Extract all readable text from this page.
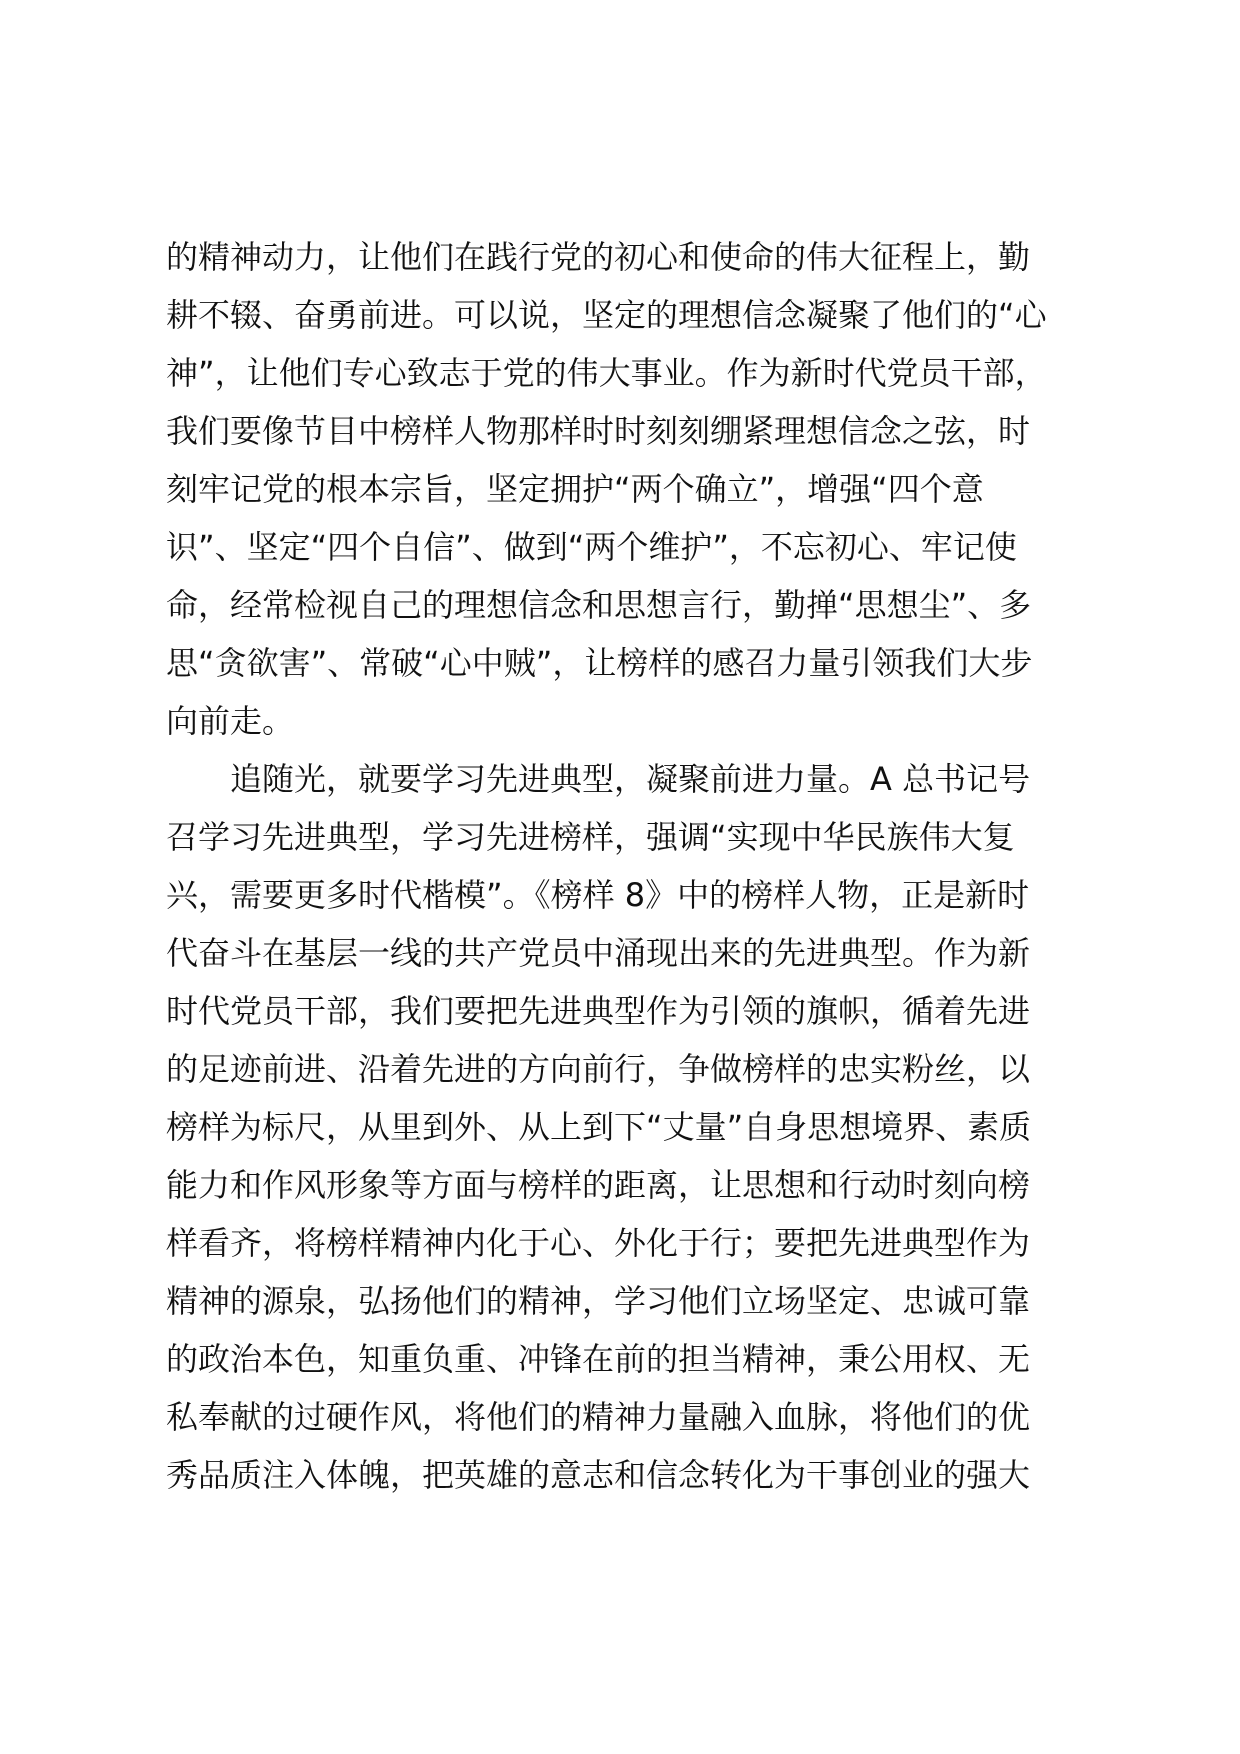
的精神动力，让他们在践行党的初心和使命的伟大征程上，勤
耕不辍、奋勇前进。可以说，坚定的理想信念凝聚了他们的“心
神”，让他们专心致志于党的伟大事业。作为新时代党员干部，
我们要像节目中榜样人物那样时时刻刻绷紧理想信念之弦，时
刻牢记党的根本宗旨，坚定拥护“两个确立”，增强“四个意
识”、坚定“四个自信”、做到“两个维护”，不忘初心、牢记使
命，经常检视自己的理想信念和思想言行，勤掸“思想尘”、多
思“贪欲害”、常破“心中贼”，让榜样的感召力量引领我们大步
向前走。
追随光，就要学习先进典型，凝聚前进力量。A 总书记号
召学习先进典型，学习先进榜样，强调“实现中华民族伟大复
兴，需要更多时代楷模”。《榜样 8》中的榜样人物，正是新时
代奋斗在基层一线的共产党员中涌现出来的先进典型。作为新
时代党员干部，我们要把先进典型作为引领的旗帜，循着先进
的足迹前进、沿着先进的方向前行，争做榜样的忠实粉丝，以
榜样为标尺，从里到外、从上到下“丈量”自身思想境界、素质
能力和作风形象等方面与榜样的距离，让思想和行动时刻向榜
样看齐，将榜样精神内化于心、外化于行；要把先进典型作为
精神的源泉，弘扬他们的精神，学习他们立场坚定、忠诚可靠
的政治本色，知重负重、冲锋在前的担当精神，秉公用权、无
私奉献的过硬作风，将他们的精神力量融入血脉，将他们的优
秀品质注入体魄，把英雄的意志和信念转化为干事创业的强大
